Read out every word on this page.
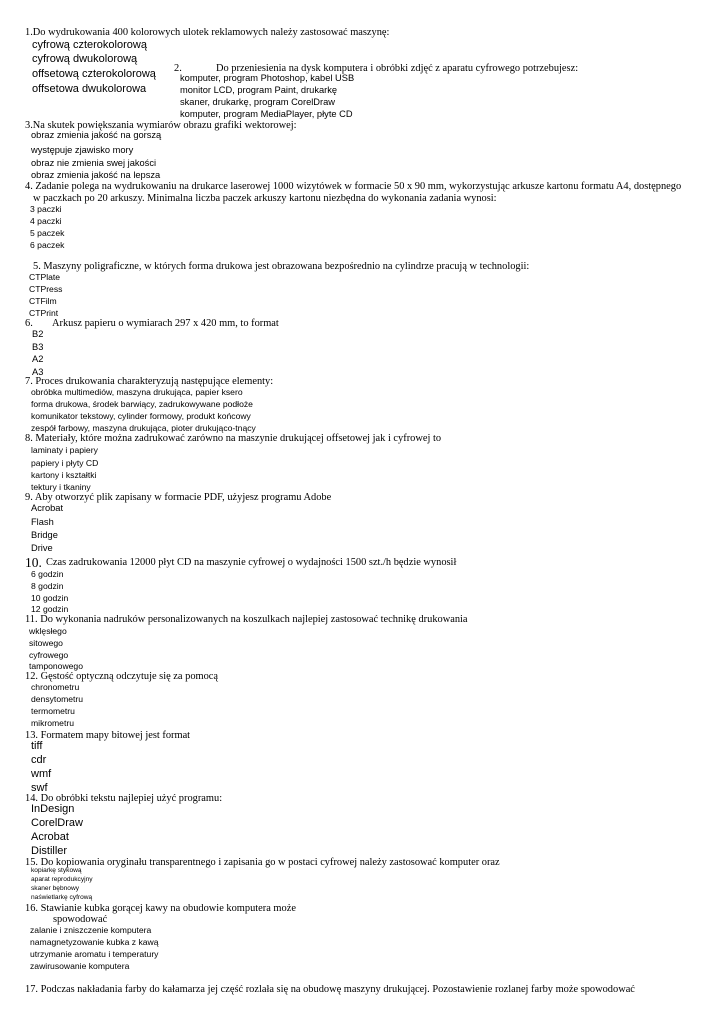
1.Do wydrukowania 400 kolorowych ulotek reklamowych należy zastosować maszynę:
cyfrową czterokolorową
cyfrową dwukolorową
offsetową czterokolorową
offsetowa dwukolorowa
2.	Do przeniesienia na dysk komputera i obróbki zdjęć z aparatu cyfrowego potrzebujesz:
komputer, program Photoshop, kabel USB
monitor LCD, program Paint, drukarkę
skaner, drukarkę, program CorelDraw
komputer, program MediaPlayer, płyte CD
3.Na skutek powiększania wymiarów obrazu grafiki wektorowej:
obraz zmienia jakość na gorszą
występuje zjawisko mory
obraz nie zmienia swej jakości
obraz zmienia jakość na lepsza
4. Zadanie polega na wydrukowaniu na drukarce laserowej 1000 wizytówek w formacie 50 x 90 mm, wykorzystując arkusze kartonu formatu A4, dostępnego
w paczkach po 20 arkuszy. Minimalna liczba paczek arkuszy kartonu niezbędna do wykonania zadania wynosi:
3 paczki
4 paczki
5 paczek
6 paczek
5. Maszyny poligraficzne, w których forma drukowa jest obrazowana bezpośrednio na cylindrze pracują w technologii:
CTPlate
CTPress
CTFilm
CTPrint
6. Arkusz papieru o wymiarach 297 x 420 mm, to format
B2
B3
A2
A3
7. Proces drukowania charakteryzują następujące elementy:
obróbka multimediów, maszyna drukująca, papier ksero
forma drukowa, środek barwiący, zadrukowywane podłoże
komunikator tekstowy, cylinder formowy, produkt końcowy
zespół farbowy, maszyna drukująca, pioter drukująco-tnący
8. Materiały, które można zadrukować zarówno na maszynie drukującej offsetowej jak i cyfrowej to
laminaty i papiery
papiery i płyty CD
kartony i kształtki
tektury i tkaniny
9. Aby otworzyć plik zapisany w formacie PDF, użyjesz programu Adobe
Acrobat
Flash
Bridge
Drive
10. Czas zadrukowania 12000 płyt CD na maszynie cyfrowej o wydajności 1500 szt./h będzie wynosił
6 godzin
8 godzin
10 godzin
12 godzin
11. Do wykonania nadruków personalizowanych na koszulkach najlepiej zastosować technikę drukowania
wklęsłego
sitowego
cyfrowego
tamponowego
12. Gęstość optyczną odczytuje się za pomocą
chronometru
densytometru
termometru
mikrometru
13. Formatem mapy bitowej jest format
tiff
cdr
wmf
swf
14. Do obróbki tekstu najlepiej użyć programu:
InDesign
CorelDraw
Acrobat
Distiller
15. Do kopiowania oryginału transparentnego i zapisania go w postaci cyfrowej należy zastosować komputer oraz
kopiarkę stykową
aparat reprodukcyjny
skaner bębnowy
naświetlarkę cyfrową
16. Stawianie kubka gorącej kawy na obudowie komputera może
spowodować
zalanie i zniszczenie komputera
namagnetyzowanie kubka z kawą
utrzymanie aromatu i temperatury
zawirusowanie komputera
17. Podczas nakładania farby do kałamarza jej część rozlała się na obudowę maszyny drukującej. Pozostawienie rozlanej farby może spowodować
